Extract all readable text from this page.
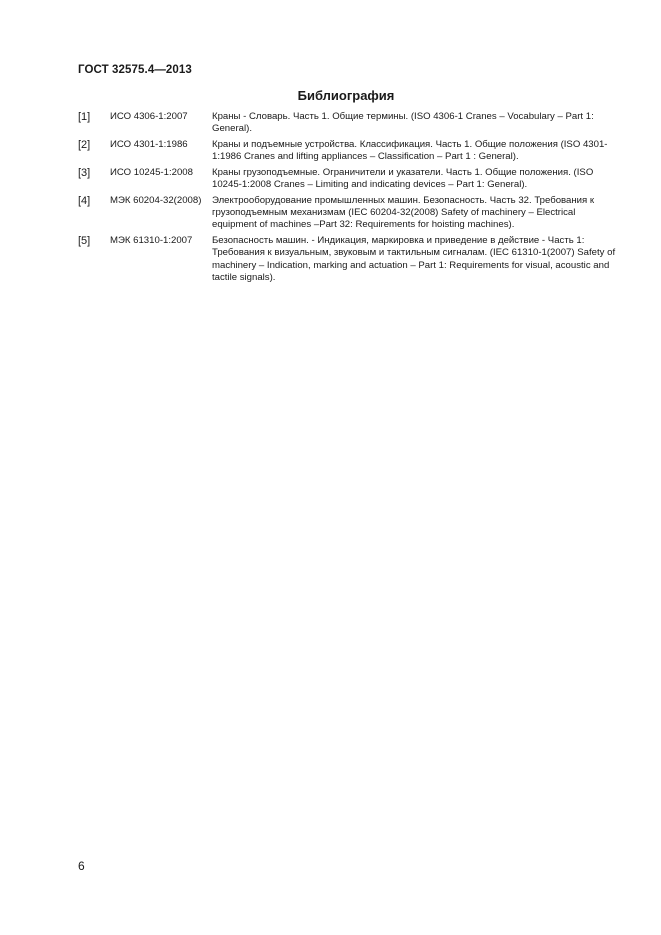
ГОСТ 32575.4—2013
Библиография
[1] ИСО 4306-1:2007	Краны - Словарь. Часть 1. Общие термины. (ISO 4306-1 Cranes – Vocabulary – Part 1: General).
[2] ИСО 4301-1:1986	Краны и подъемные устройства. Классификация. Часть 1. Общие положения (ISO 4301-1:1986 Cranes and lifting appliances – Classification – Part 1 : General).
[3] ИСО 10245-1:2008 Краны грузоподъемные. Ограничители и указатели. Часть 1. Общие положения. (ISO 10245-1:2008 Cranes – Limiting and indicating devices – Part 1: General).
[4] МЭК 60204-32(2008) Электрооборудование промышленных машин. Безопасность. Часть 32. Требования к грузоподъемным механизмам (IEC 60204-32(2008) Safety of machinery – Electrical equipment of machines –Part 32: Requirements for hoisting machines).
[5] МЭК 61310-1:2007 Безопасность машин. - Индикация, маркировка и приведение в действие - Часть 1: Требования к визуальным, звуковым и тактильным сигналам. (IEC 61310-1(2007) Safety of machinery – Indication, marking and actuation – Part 1: Requirements for visual, acoustic and tactile signals).
6
